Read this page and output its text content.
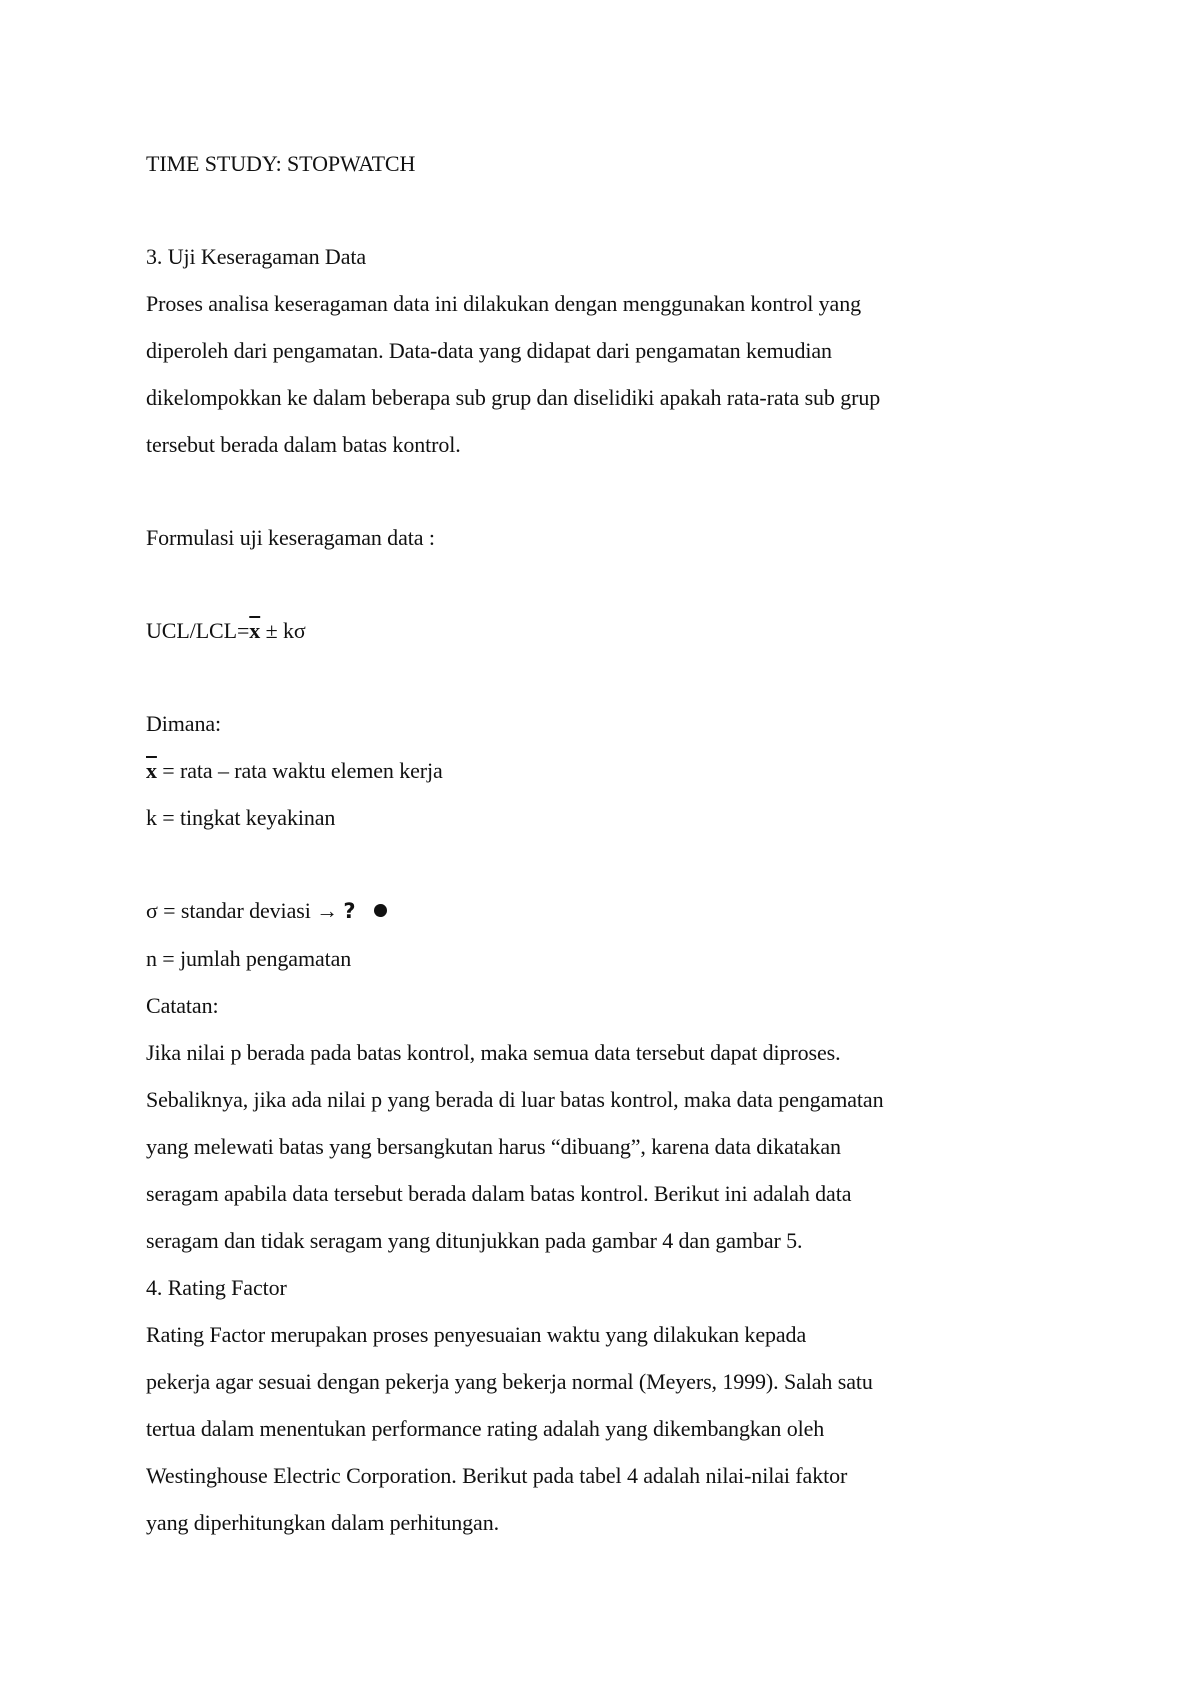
TIME STUDY: STOPWATCH

3. Uji Keseragaman Data

Proses analisa keseragaman data ini dilakukan dengan menggunakan kontrol yang
diperoleh dari pengamatan. Data-data yang didapat dari pengamatan kemudian
dikelompokkan ke dalam beberapa sub grup dan diselidiki apakah rata-rata sub grup
tersebut berada dalam batas kontrol.

Formulasi uji keseragaman data :

UCL/$LCL=\overline{x} \pm k\sigma$

Dimana:

$\overline{x}$ = rata – rata waktu elemen kerja

k = tingkat keyakinan

σ = standar deviasi → ?

n = jumlah pengamatan

Catatan:

Jika nilai p berada pada batas kontrol, maka semua data tersebut dapat diproses.
Sebaliknya, jika ada nilai p yang berada di luar batas kontrol, maka data pengamatan
yang melewati batas yang bersangkutan harus “dibuang”, karena data dikatakan
seragam apabila data tersebut berada dalam batas kontrol. Berikut ini adalah data
seragam dan tidak seragam yang ditunjukkan pada gambar 4 dan gambar 5.

4. Rating Factor

Rating Factor merupakan proses penyesuaian waktu yang dilakukan kepada
pekerja agar sesuai dengan pekerja yang bekerja normal (Meyers, 1999). Salah satu
tertua dalam menentukan performance rating adalah yang dikembangkan oleh
Westinghouse Electric Corporation. Berikut pada tabel 4 adalah nilai-nilai faktor
yang diperhitungkan dalam perhitungan.
